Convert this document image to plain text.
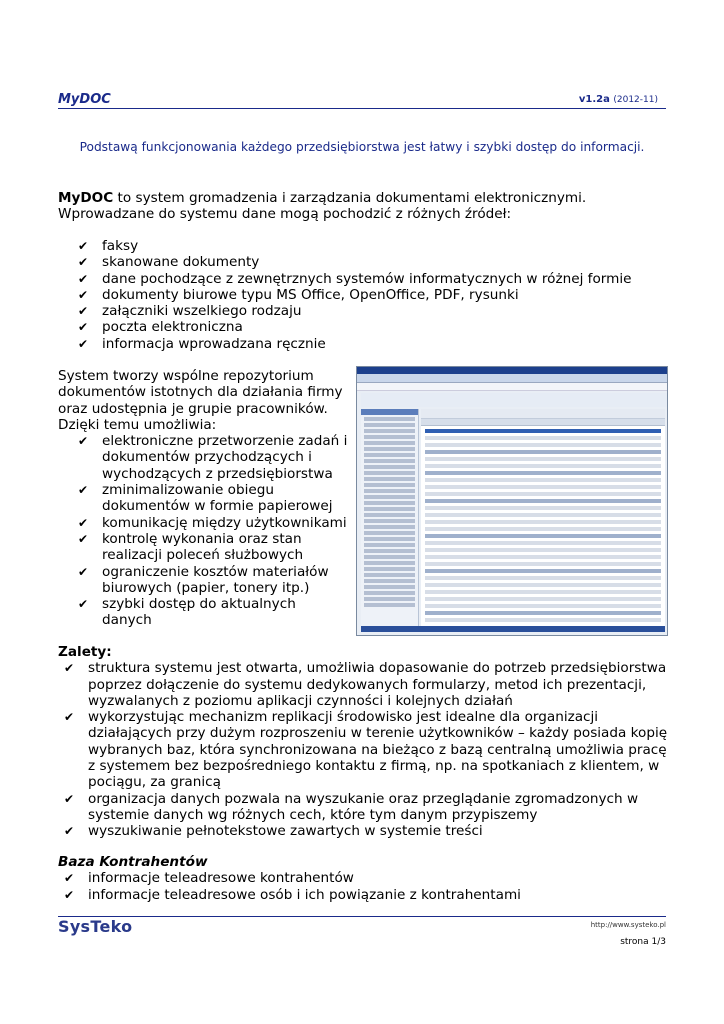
MyDOC	v1.2a (2012-11)
Podstawą funkcjonowania każdego przedsiębiorstwa jest łatwy i szybki dostęp do informacji.
MyDOC to system gromadzenia i zarządzania dokumentami elektronicznymi.
Wprowadzane do systemu dane mogą pochodzić z różnych źródeł:
✔ faksy
✔ skanowane dokumenty
✔ dane pochodzące z zewnętrznych systemów informatycznych w różnej formie
✔ dokumenty biurowe typu MS Office, OpenOffice, PDF, rysunki
✔ załączniki wszelkiego rodzaju
✔ poczta elektroniczna
✔ informacja wprowadzana ręcznie
System tworzy wspólne repozytorium
dokumentów istotnych dla działania firmy
oraz udostępnia je grupie pracowników.
Dzięki temu umożliwia:
✔ elektroniczne przetworzenie zadań i dokumentów przychodzących i wychodzących z przedsiębiorstwa
✔ zminimalizowanie obiegu dokumentów w formie papierowej
✔ komunikację między użytkownikami
✔ kontrolę wykonania oraz stan realizacji poleceń służbowych
✔ ograniczenie kosztów materiałów biurowych (papier, tonery itp.)
✔ szybki dostęp do aktualnych danych
Zalety:
✔ struktura systemu jest otwarta, umożliwia dopasowanie do potrzeb przedsiębiorstwa poprzez dołączenie do systemu dedykowanych formularzy, metod ich prezentacji, wyzwalanych z poziomu aplikacji czynności i kolejnych działań
✔ wykorzystując mechanizm replikacji środowisko jest idealne dla organizacji działających przy dużym rozproszeniu w terenie użytkowników – każdy posiada kopię wybranych baz, która synchronizowana na bieżąco z bazą centralną umożliwia pracę z systemem bez bezpośredniego kontaktu z firmą, np. na spotkaniach z klientem, w pociągu, za granicą
✔ organizacja danych pozwala na wyszukanie oraz przeglądanie zgromadzonych w systemie danych wg różnych cech, które tym danym przypiszemy
✔ wyszukiwanie pełnotekstowe zawartych w systemie treści
Baza Kontrahentów
✔ informacje teleadresowe kontrahentów
✔ informacje teleadresowe osób i ich powiązanie z kontrahentami
SysTeko	http://www.systeko.pl
strona 1/3
